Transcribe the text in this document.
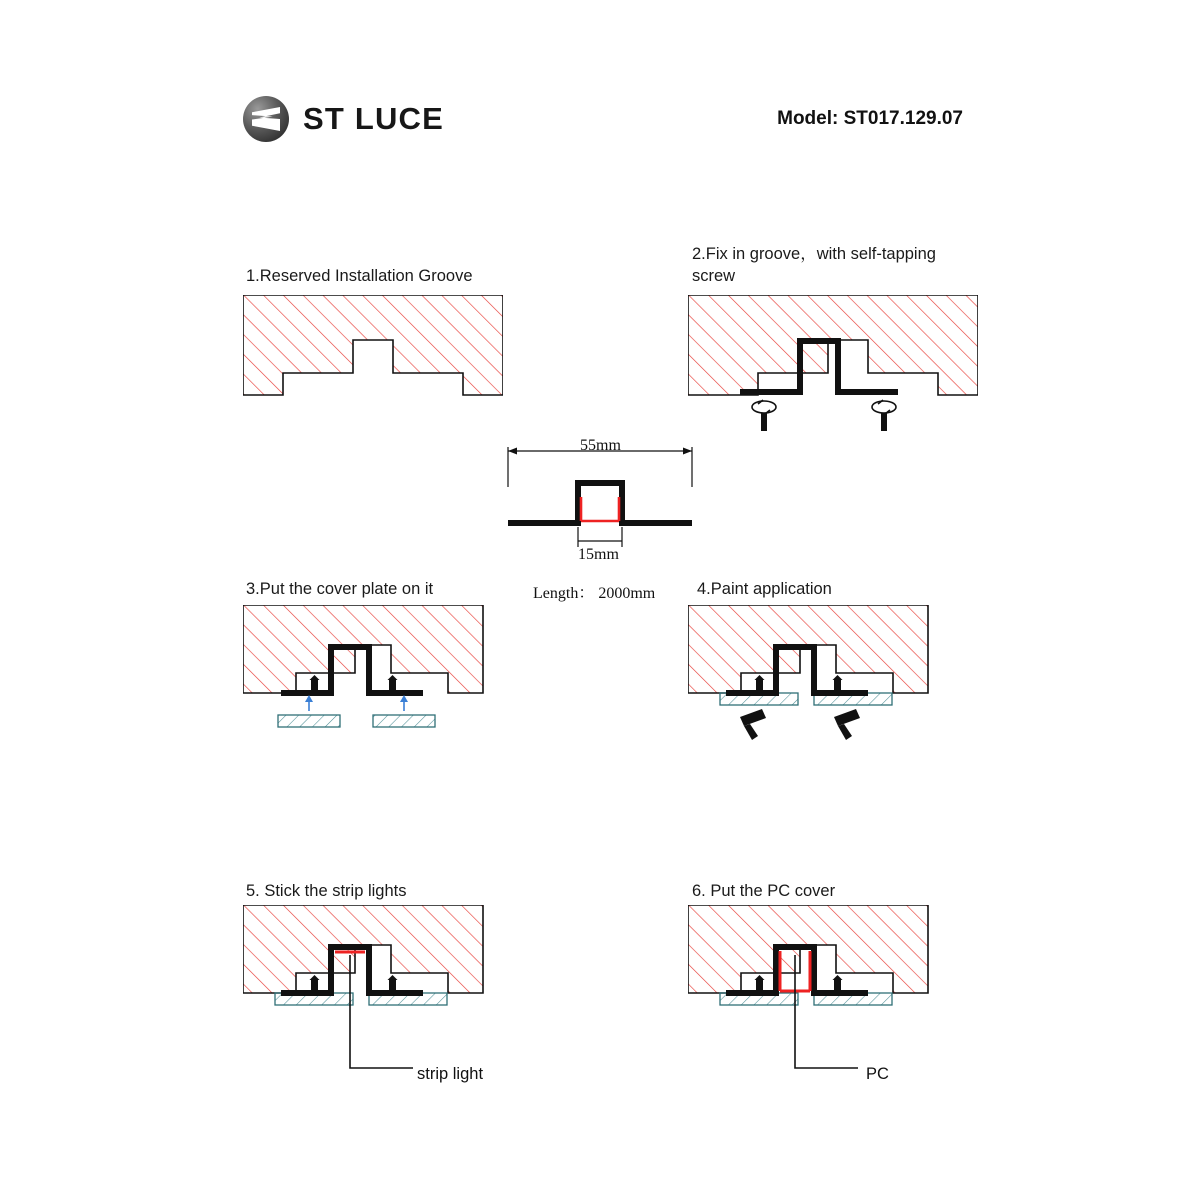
ST LUCE	Model: ST017.129.07
1.Reserved Installation Groove
2.Fix in groove，with self-tapping screw
3.Put the cover plate on it	4.Paint application
5. Stick the strip lights	6. Put the PC cover
55mm
15mm
Length： 2000mm
strip light	PC
